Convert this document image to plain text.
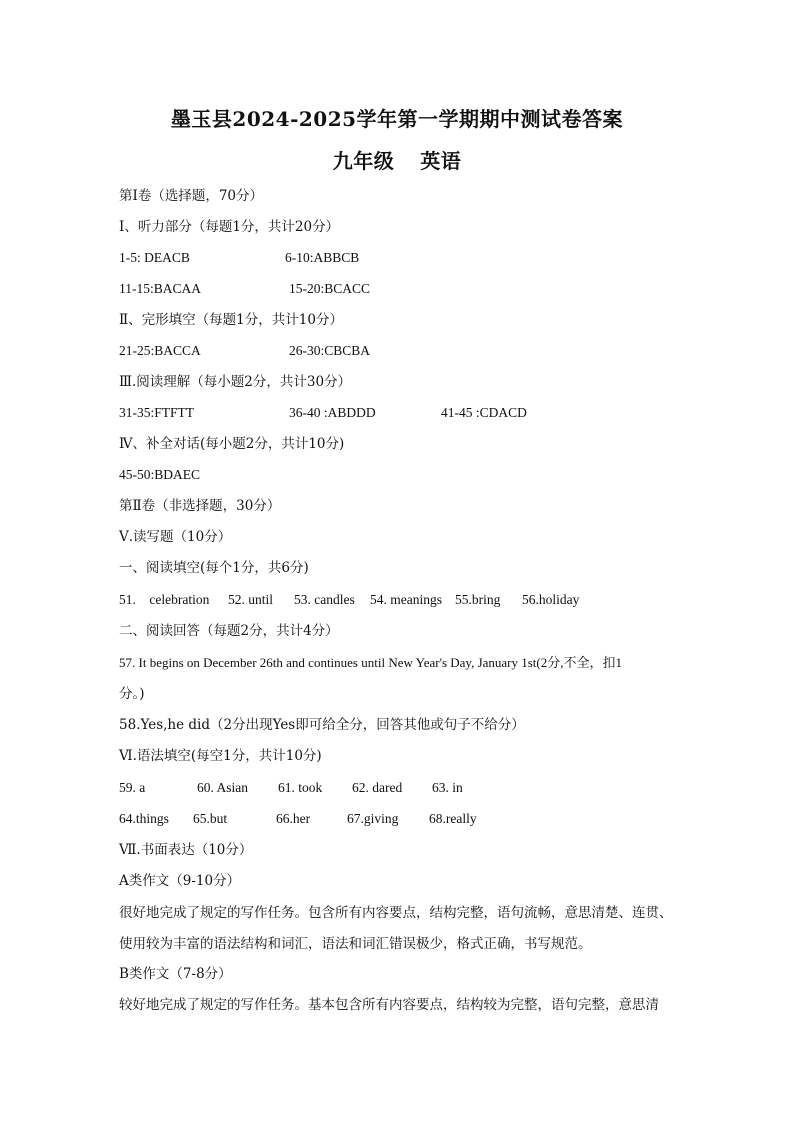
墨玉县2024-2025学年第一学期期中测试卷答案
九年级 英语
第Ⅰ卷（选择题，70分）
Ⅰ、听力部分（每题1分，共计20分）
1-5: DEACB	6-10:ABBCB
11-15:BACAA	15-20:BCACC
Ⅱ、完形填空（每题1分，共计10分）
21-25:BACCA	26-30:CBCBA
Ⅲ.阅读理解（每小题2分，共计30分）
31-35:FTFTT	36-40 :ABDDD	41-45 :CDACD
Ⅳ、补全对话(每小题2分，共计10分)
45-50:BDAEC
第Ⅱ卷（非选择题，30分）
Ⅴ.读写题（10分）
一、阅读填空(每个1分，共6分)
51.    celebration 52. until 53. candles 54. meanings 55.bring 56.holiday
二、阅读回答（每题2分，共计4分）
57. It begins on December 26th and continues until New Year's Day, January 1st(2分,不全，扣1
分。)
58.Yes,he did（2分出现Yes即可给全分，回答其他或句子不给分）
Ⅵ.语法填空(每空1分，共计10分)
59. a	60. Asian 61. took 62. dared 63. in
64.things 65.but	66.her	67.giving 68.really
Ⅶ.书面表达（10分）
A类作文（9-10分）
很好地完成了规定的写作任务。包含所有内容要点，结构完整，语句流畅，意思清楚、连贯、使用较为丰富的语法结构和词汇，语法和词汇错误极少，格式正确，书写规范。
B类作文（7-8分）
较好地完成了规定的写作任务。基本包含所有内容要点，结构较为完整，语句完整，意思清
